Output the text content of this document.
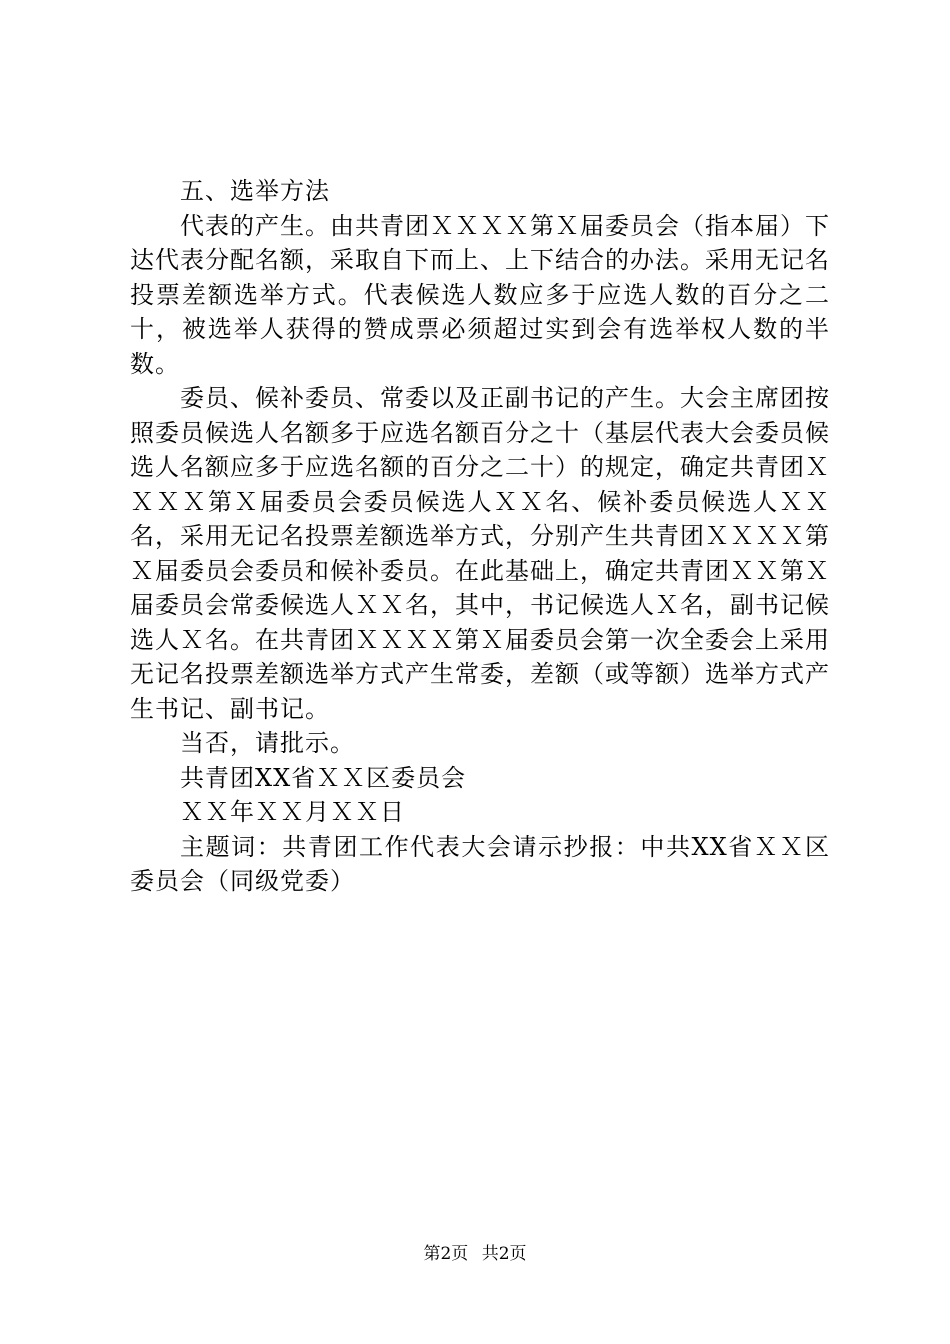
五、选举方法

代表的产生。由共青团ＸＸＸＸ第Ｘ届委员会（指本届）下达代表分配名额，采取自下而上、上下结合的办法。采用无记名投票差额选举方式。代表候选人数应多于应选人数的百分之二十，被选举人获得的赞成票必须超过实到会有选举权人数的半数。

委员、候补委员、常委以及正副书记的产生。大会主席团按照委员候选人名额多于应选名额百分之十（基层代表大会委员候选人名额应多于应选名额的百分之二十）的规定，确定共青团ＸＸＸＸ第Ｘ届委员会委员候选人ＸＸ名、候补委员候选人ＸＸ名，采用无记名投票差额选举方式，分别产生共青团ＸＸＸＸ第Ｘ届委员会委员和候补委员。在此基础上，确定共青团ＸＸ第Ｘ届委员会常委候选人ＸＸ名，其中，书记候选人Ｘ名，副书记候选人Ｘ名。在共青团ＸＸＸＸ第Ｘ届委员会第一次全委会上采用无记名投票差额选举方式产生常委，差额（或等额）选举方式产生书记、副书记。

当否，请批示。

共青团XX省ＸＸ区委员会

ＸＸ年ＸＸ月ＸＸ日

主题词：共青团工作代表大会请示抄报：中共XX省ＸＸ区委员会（同级党委）

第2页 共2页
